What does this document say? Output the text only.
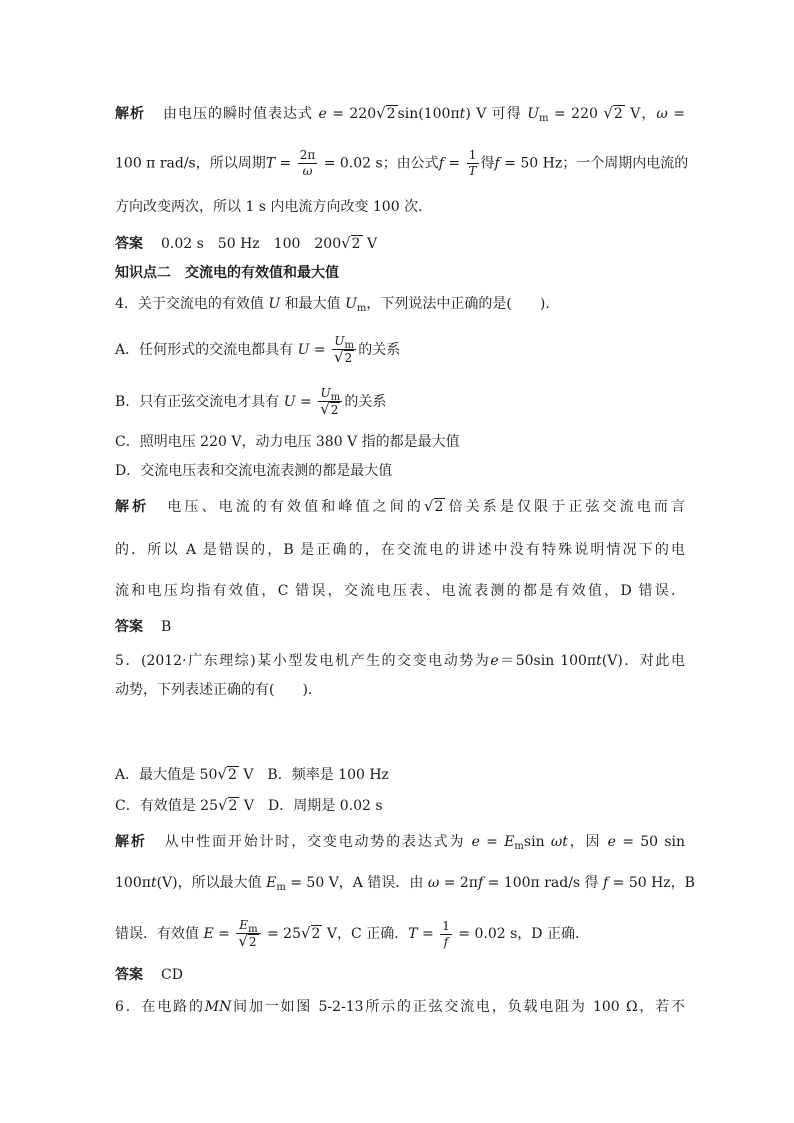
解析 由电压的瞬时值表达式 e = 220√2 sin(100πt) V 可得 $U_m = 220$ √2 V，ω =
100 π rad/s，所以周期$T = \frac{2\pi}{\omega} = 0.02$ s；由公式$f = \frac{1}{T}$ 得f = 50 Hz；一个周期内电流的
方向改变两次，所以 1 s 内电流方向改变 100 次．
答案 0.02 s　50 Hz　100　200√2 V
知识点二　交流电的有效值和最大值
4．关于交流电的有效值 U 和最大值 $U_m$，下列说法中正确的是(　　)．
A．任何形式的交流电都具有 $U = \frac{U_m}{√2}$ 的关系
B．只有正弦交流电才具有 $U = \frac{U_m}{√2}$ 的关系
C．照明电压 220 V，动力电压 380 V 指的都是最大值
D．交流电压表和交流电流表测的都是最大值
解析 电压、电流的有效值和峰值之间的√2 倍关系是仅限于正弦交流电而言
的．所以 A 是错误的，B 是正确的，在交流电的讲述中没有特殊说明情况下的电
流和电压均指有效值，C 错误，交流电压表、电流表测的都是有效值，D 错误．
答案 B
5．(2012·广东理综)某小型发电机产生的交变电动势为e＝50sin 100πt(V)．对此电
动势，下列表述正确的有(　　)．
A．最大值是 50√2 V　B．频率是 100 Hz
C．有效值是 25√2 V　D．周期是 0.02 s
解析 从中性面开始计时，交变电动势的表达式为 $e = E_m\sin$ ωt，因 e = 50 sin
100πt(V)，所以最大值 $E_m = 50$ V，A 错误．由 ω = 2πf = 100π rad/s 得 f = 50 Hz，B
错误．有效值 $E = \frac{E_m}{√2} = 25√2$ V，C 正确．$T = \frac{1}{f} = 0.02$ s，D 正确．
答案 CD
6．在电路的MN间加一如图 5-2-13所示的正弦交流电，负载电阻为 100 Ω，若不
